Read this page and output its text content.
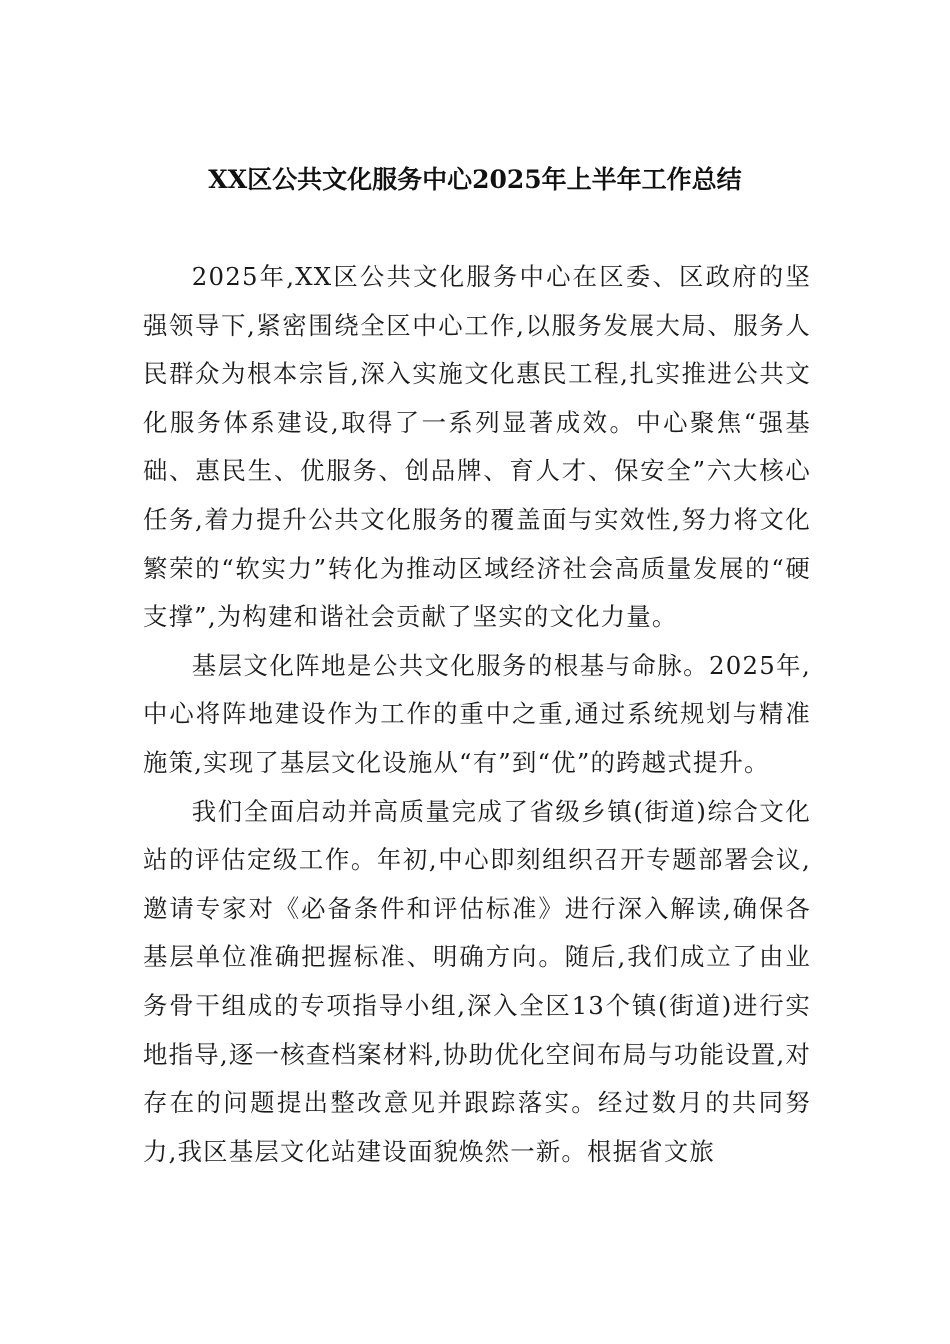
XX区公共文化服务中心2025年上半年工作总结

2025年,XX区公共文化服务中心在区委、区政府的坚强领导下,紧密围绕全区中心工作,以服务发展大局、服务人民群众为根本宗旨,深入实施文化惠民工程,扎实推进公共文化服务体系建设,取得了一系列显著成效。中心聚焦“强基础、惠民生、优服务、创品牌、育人才、保安全”六大核心任务,着力提升公共文化服务的覆盖面与实效性,努力将文化繁荣的“软实力”转化为推动区域经济社会高质量发展的“硬支撑”,为构建和谐社会贡献了坚实的文化力量。

基层文化阵地是公共文化服务的根基与命脉。2025年,中心将阵地建设作为工作的重中之重,通过系统规划与精准施策,实现了基层文化设施从“有”到“优”的跨越式提升。

我们全面启动并高质量完成了省级乡镇(街道)综合文化站的评估定级工作。年初,中心即刻组织召开专题部署会议,邀请专家对《必备条件和评估标准》进行深入解读,确保各基层单位准确把握标准、明确方向。随后,我们成立了由业务骨干组成的专项指导小组,深入全区13个镇(街道)进行实地指导,逐一核查档案材料,协助优化空间布局与功能设置,对存在的问题提出整改意见并跟踪落实。经过数月的共同努力,我区基层文化站建设面貌焕然一新。根据省文旅
